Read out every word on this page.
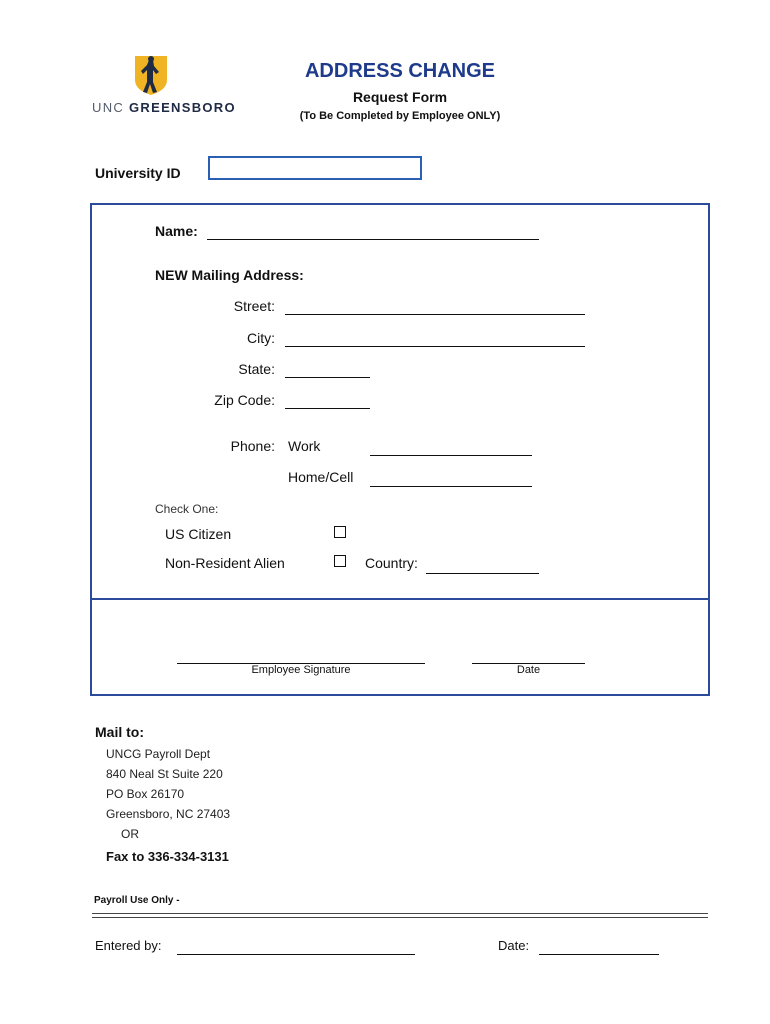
UNC GREENSBORO
ADDRESS CHANGE
Request Form
(To Be Completed by Employee ONLY)
University ID
Name:
NEW Mailing Address:
Street:
City:
State:
Zip Code:
Phone: Work
Home/Cell
Check One:
US Citizen
Non-Resident Alien	Country:
Employee Signature	Date
Mail to:
UNCG Payroll Dept
840 Neal St Suite 220
PO Box 26170
Greensboro, NC 27403
OR
Fax to 336-334-3131
Payroll Use Only -
Entered by:	Date:
